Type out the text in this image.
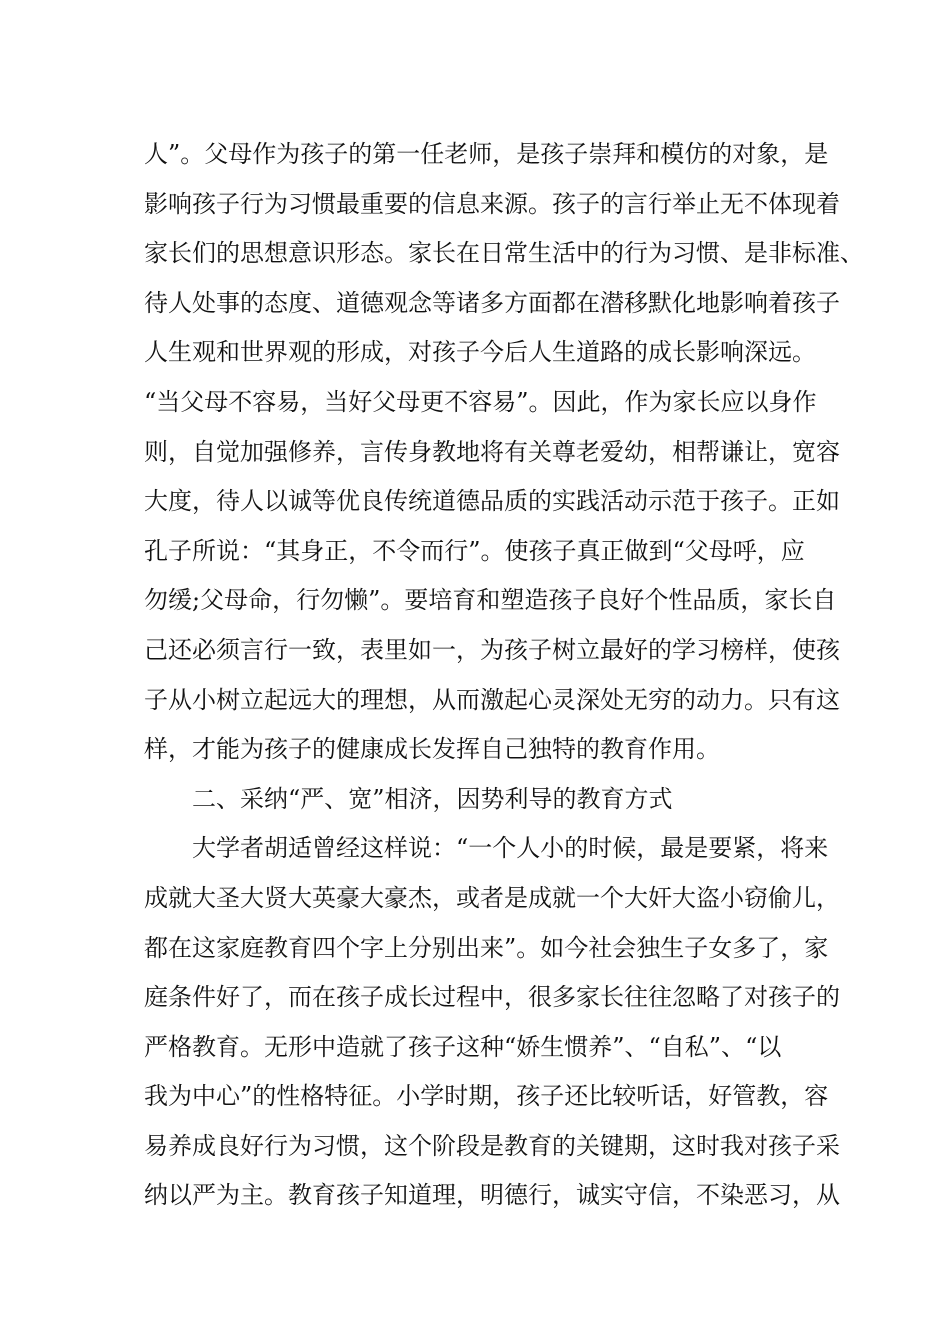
人”。父母作为孩子的第一任老师，是孩子崇拜和模仿的对象，是
影响孩子行为习惯最重要的信息来源。孩子的言行举止无不体现着
家长们的思想意识形态。家长在日常生活中的行为习惯、是非标准、
待人处事的态度、道德观念等诸多方面都在潜移默化地影响着孩子
人生观和世界观的形成，对孩子今后人生道路的成长影响深远。
“当父母不容易，当好父母更不容易”。因此，作为家长应以身作
则，自觉加强修养，言传身教地将有关尊老爱幼，相帮谦让，宽容
大度，待人以诚等优良传统道德品质的实践活动示范于孩子。正如
孔子所说：“其身正，不令而行”。使孩子真正做到“父母呼，应
勿缓;父母命，行勿懒”。要培育和塑造孩子良好个性品质，家长自
己还必须言行一致，表里如一，为孩子树立最好的学习榜样，使孩
子从小树立起远大的理想，从而激起心灵深处无穷的动力。只有这
样，才能为孩子的健康成长发挥自己独特的教育作用。
二、采纳“严、宽”相济，因势利导的教育方式
大学者胡适曾经这样说：“一个人小的时候，最是要紧，将来
成就大圣大贤大英豪大豪杰，或者是成就一个大奸大盗小窃偷儿，
都在这家庭教育四个字上分别出来”。如今社会独生子女多了，家
庭条件好了，而在孩子成长过程中，很多家长往往忽略了对孩子的
严格教育。无形中造就了孩子这种“娇生惯养”、“自私”、“以
我为中心”的性格特征。小学时期，孩子还比较听话，好管教，容
易养成良好行为习惯，这个阶段是教育的关键期，这时我对孩子采
纳以严为主。教育孩子知道理，明德行，诚实守信，不染恶习，从
